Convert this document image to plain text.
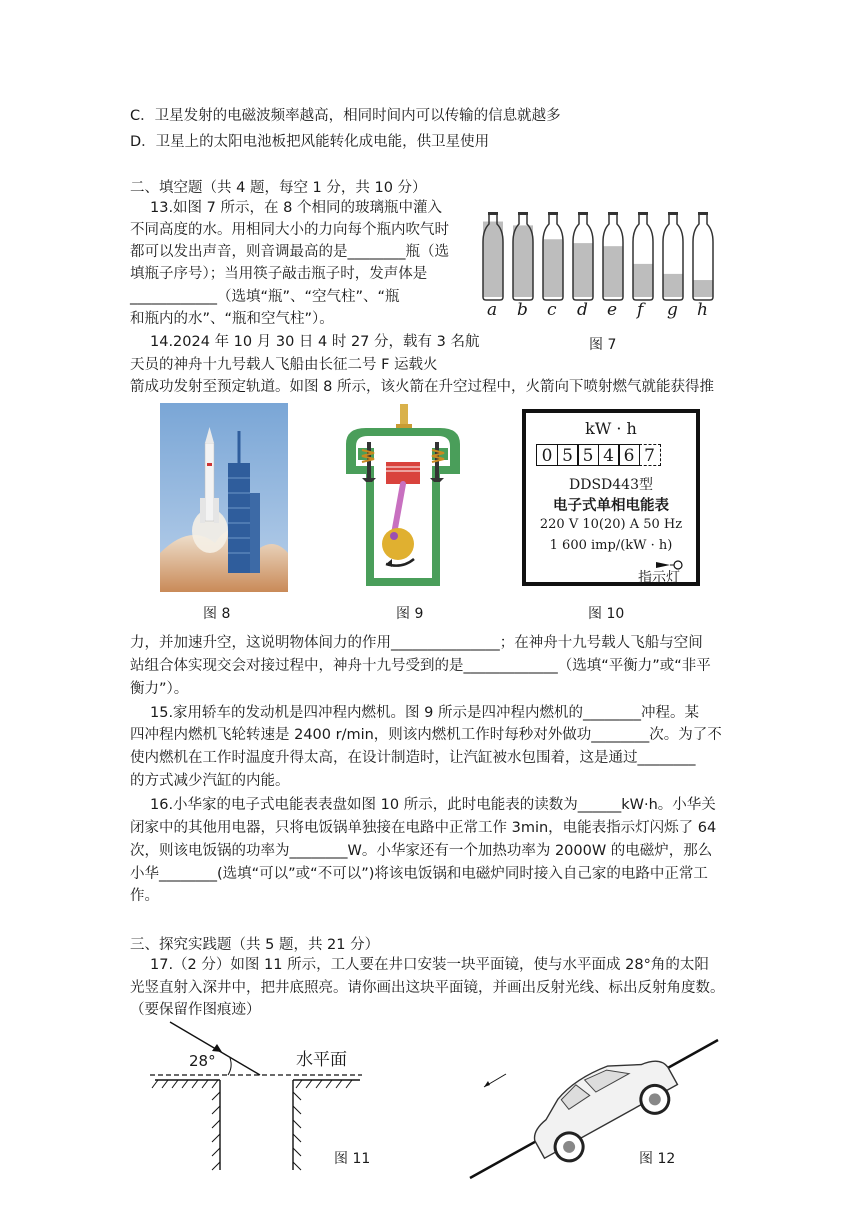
C．卫星发射的电磁波频率越高，相同时间内可以传输的信息就越多
D．卫星上的太阳电池板把风能转化成电能，供卫星使用
二、填空题（共 4 题，每空 1 分，共 10 分）
13.如图 7 所示，在 8 个相同的玻璃瓶中灌入
不同高度的水。用相同大小的力向每个瓶内吹气时
都可以发出声音，则音调最高的是________瓶（选
填瓶子序号）；当用筷子敲击瓶子时，发声体是
____________（选填“瓶”、“空气柱”、“瓶
和瓶内的水”、“瓶和空气柱”）。
14.2024 年 10 月 30 日 4 时 27 分，载有 3 名航
天员的神舟十九号载人飞船由长征二号 F 运载火
箭成功发射至预定轨道。如图 8 所示，该火箭在升空过程中，火箭向下喷射燃气就能获得推
力，并加速升空，这说明物体间力的作用_______________；在神舟十九号载人飞船与空间
站组合体实现交会对接过程中，神舟十九号受到的是_____________（选填“平衡力”或“非平
衡力”）。
15.家用轿车的发动机是四冲程内燃机。图 9 所示是四冲程内燃机的________冲程。某
四冲程内燃机飞轮转速是 2400 r/min，则该内燃机工作时每秒对外做功________次。为了不
使内燃机在工作时温度升得太高，在设计制造时，让汽缸被水包围着，这是通过________
的方式减少汽缸的内能。
16.小华家的电子式电能表表盘如图 10 所示，此时电能表的读数为______kW·h。小华关
闭家中的其他用电器，只将电饭锅单独接在电路中正常工作 3min，电能表指示灯闪烁了 64
次，则该电饭锅的功率为________W。小华家还有一个加热功率为 2000W 的电磁炉，那么
小华________(选填“可以”或“不可以”)将该电饭锅和电磁炉同时接入自己家的电路中正常工
作。
三、探究实践题（共 5 题，共 21 分）
17.（2 分）如图 11 所示，工人要在井口安装一块平面镜，使与水平面成 28°角的太阳
光竖直射入深井中，把井底照亮。请你画出这块平面镜，并画出反射光线、标出反射角度数。
（要保留作图痕迹）
a b c d e f g h
图 7
图 8	图 9
kW · h
0 5 5 4 6 7
DDSD443型
电子式单相电能表
220 V 10(20) A 50 Hz
1 600 imp/(kW · h)
指示灯
图 10
28°	水平面
图 11	图 12
